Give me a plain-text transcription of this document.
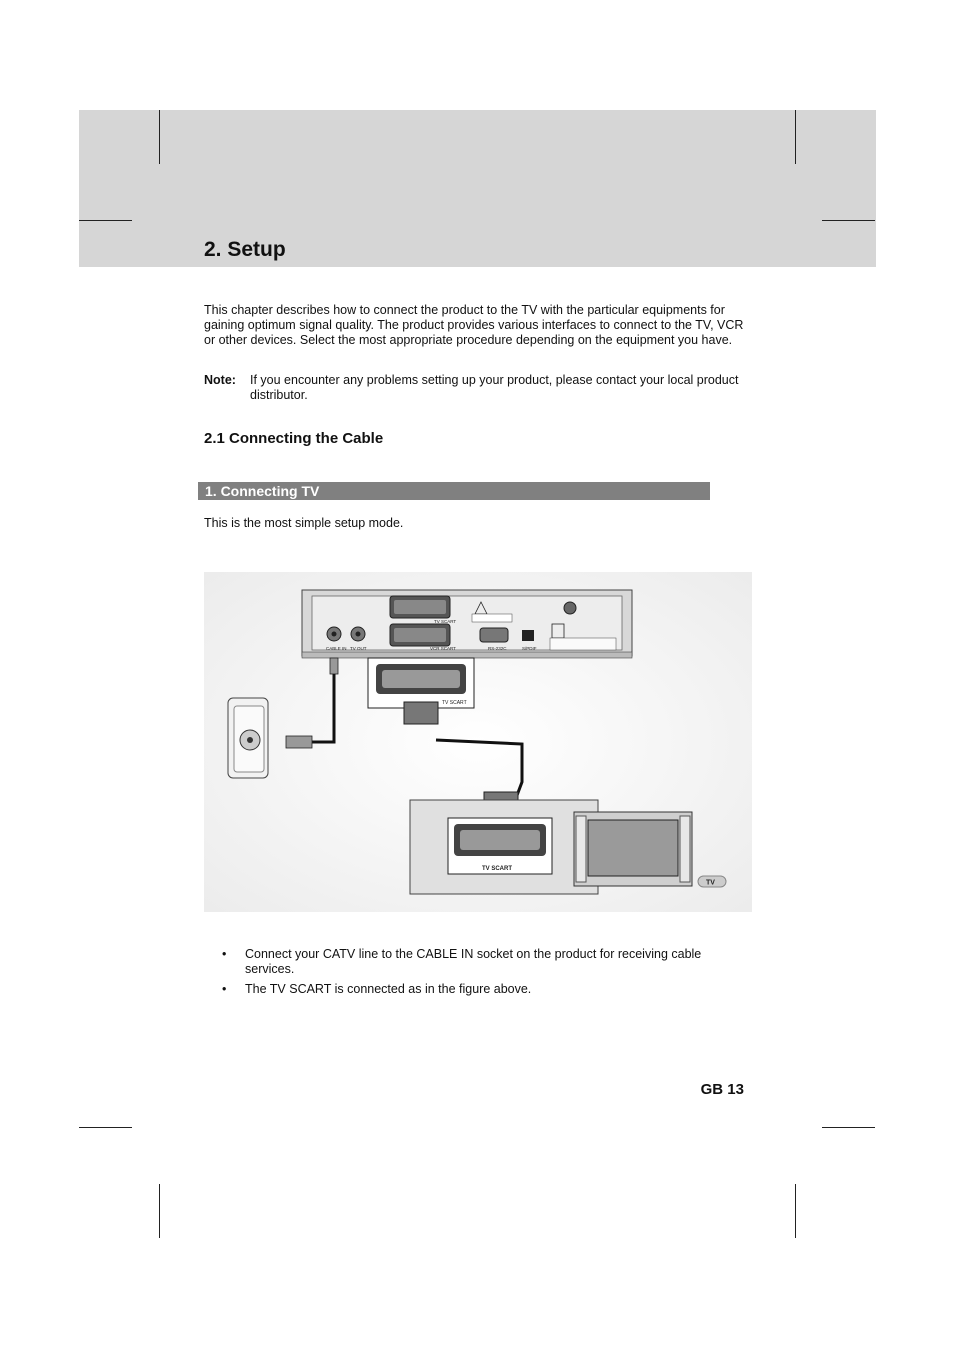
2. Setup

This chapter describes how to connect the product to the TV with the particular equipments for gaining optimum signal quality. The product provides various interfaces to connect to the TV, VCR or other devices. Select the most appropriate procedure depending on the equipment you have.

Note: If you encounter any problems setting up your product, please contact your local product distributor.
2.1 Connecting the Cable
1. Connecting TV
This is the most simple setup mode.
TV SCART
VCR SCART
CABLE IN TV OUT	RS-232C	S/PDIF
TV SCART
TV SCART
TV
• Connect your CATV line to the CABLE IN socket on the product for receiving cable services.
• The TV SCART is connected as in the figure above.
GB 13
